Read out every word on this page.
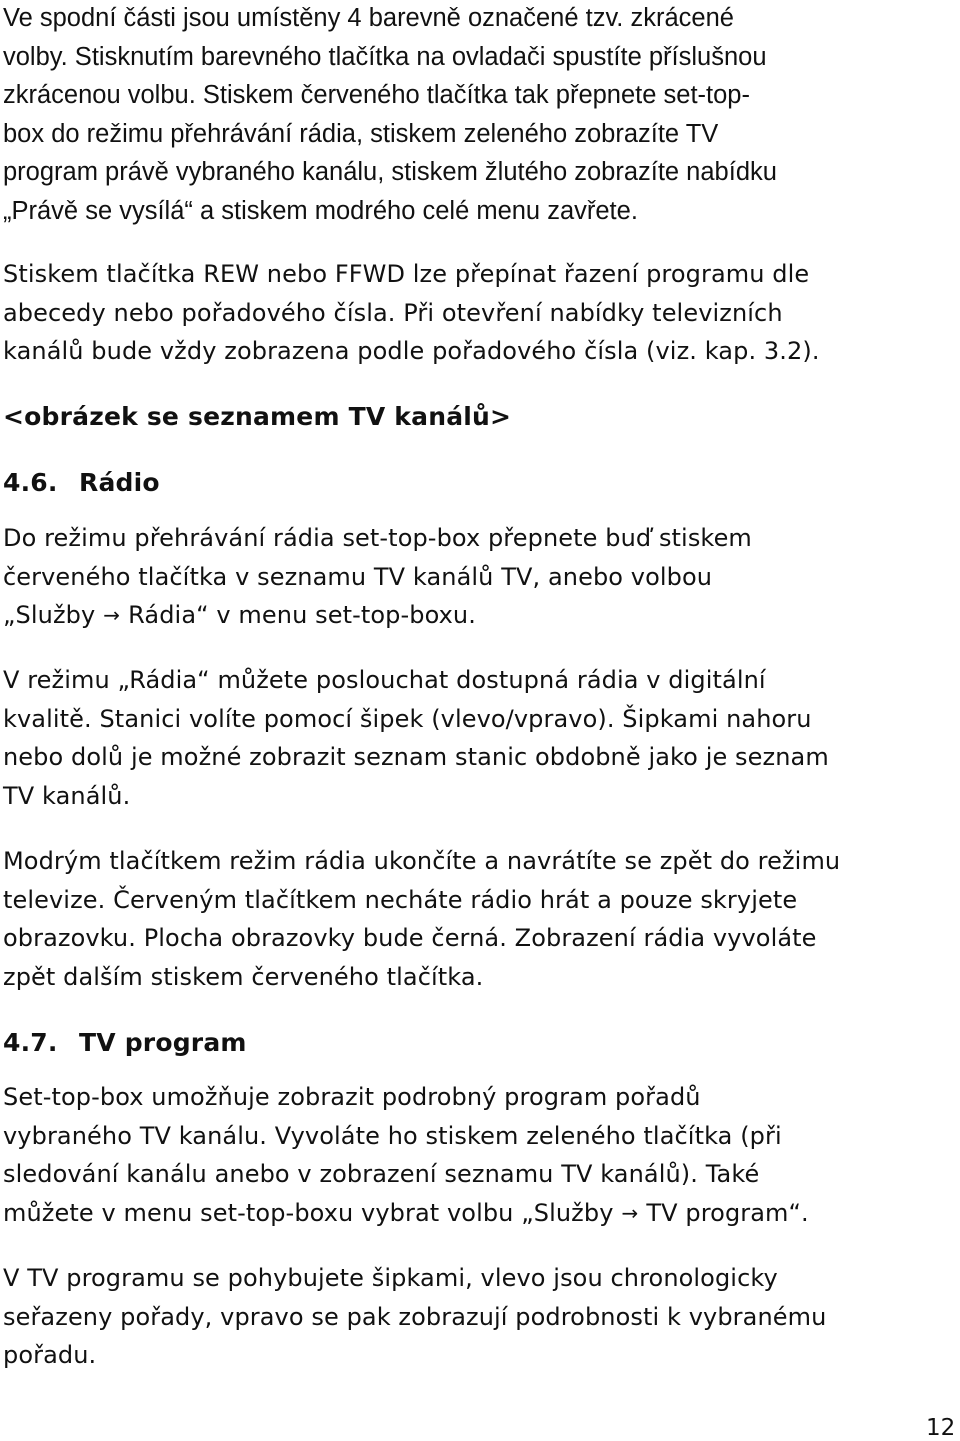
Ve spodní části jsou umístěny 4 barevně označené tzv. zkrácené
volby. Stisknutím barevného tlačítka na ovladači spustíte příslušnou
zkrácenou volbu. Stiskem červeného tlačítka tak přepnete set-top-
box do režimu přehrávání rádia, stiskem zeleného zobrazíte TV
program právě vybraného kanálu, stiskem žlutého zobrazíte nabídku
„Právě se vysílá“ a stiskem modrého celé menu zavřete.
Stiskem tlačítka REW nebo FFWD lze přepínat řazení programu dle
abecedy nebo pořadového čísla. Při otevření nabídky televizních
kanálů bude vždy zobrazena podle pořadového čísla (viz. kap. 3.2).
<obrázek se seznamem TV kanálů>
4.6. Rádio
Do režimu přehrávání rádia set-top-box přepnete buď stiskem
červeného tlačítka v seznamu TV kanálů TV, anebo volbou
„Služby → Rádia“ v menu set-top-boxu.
V režimu „Rádia“ můžete poslouchat dostupná rádia v digitální
kvalitě. Stanici volíte pomocí šipek (vlevo/vpravo). Šipkami nahoru
nebo dolů je možné zobrazit seznam stanic obdobně jako je seznam
TV kanálů.
Modrým tlačítkem režim rádia ukončíte a navrátíte se zpět do režimu
televize. Červeným tlačítkem necháte rádio hrát a pouze skryjete
obrazovku. Plocha obrazovky bude černá. Zobrazení rádia vyvoláte
zpět dalším stiskem červeného tlačítka.
4.7. TV program
Set-top-box umožňuje zobrazit podrobný program pořadů
vybraného TV kanálu. Vyvoláte ho stiskem zeleného tlačítka (při
sledování kanálu anebo v zobrazení seznamu TV kanálů). Také
můžete v menu set-top-boxu vybrat volbu „Služby → TV program“.
V TV programu se pohybujete šipkami, vlevo jsou chronologicky
seřazeny pořady, vpravo se pak zobrazují podrobnosti k vybranému
pořadu.

12
